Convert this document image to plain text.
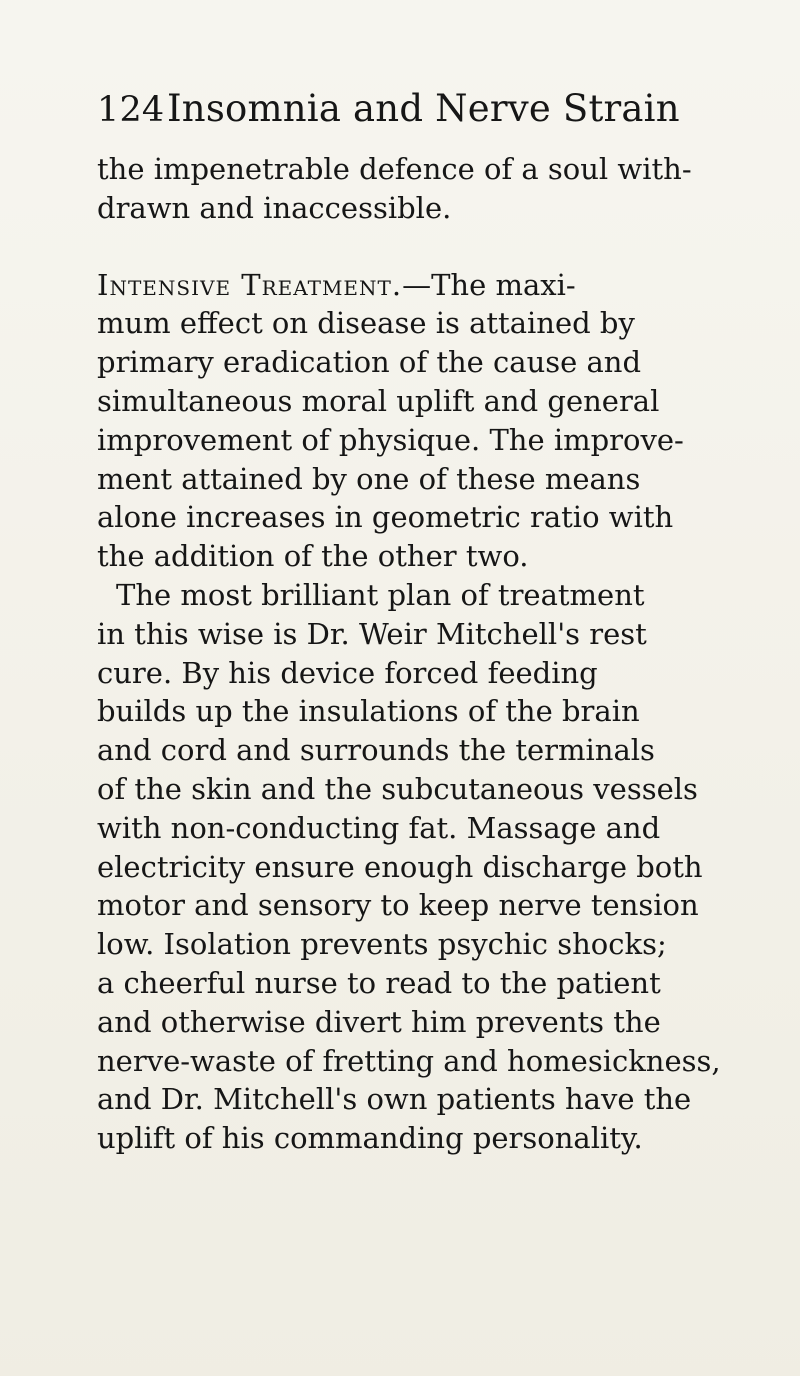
124 Insomnia and Nerve Strain
the impenetrable defence of a soul with-
drawn and inaccessible.
Intensive Treatment.—The maxi-
mum effect on disease is attained by
primary eradication of the cause and
simultaneous moral uplift and general
improvement of physique. The improve-
ment attained by one of these means
alone increases in geometric ratio with
the addition of the other two.
The most brilliant plan of treatment
in this wise is Dr. Weir Mitchell's rest
cure. By his device forced feeding
builds up the insulations of the brain
and cord and surrounds the terminals
of the skin and the subcutaneous vessels
with non-conducting fat. Massage and
electricity ensure enough discharge both
motor and sensory to keep nerve tension
low. Isolation prevents psychic shocks;
a cheerful nurse to read to the patient
and otherwise divert him prevents the
nerve-waste of fretting and homesickness,
and Dr. Mitchell's own patients have the
uplift of his commanding personality.
